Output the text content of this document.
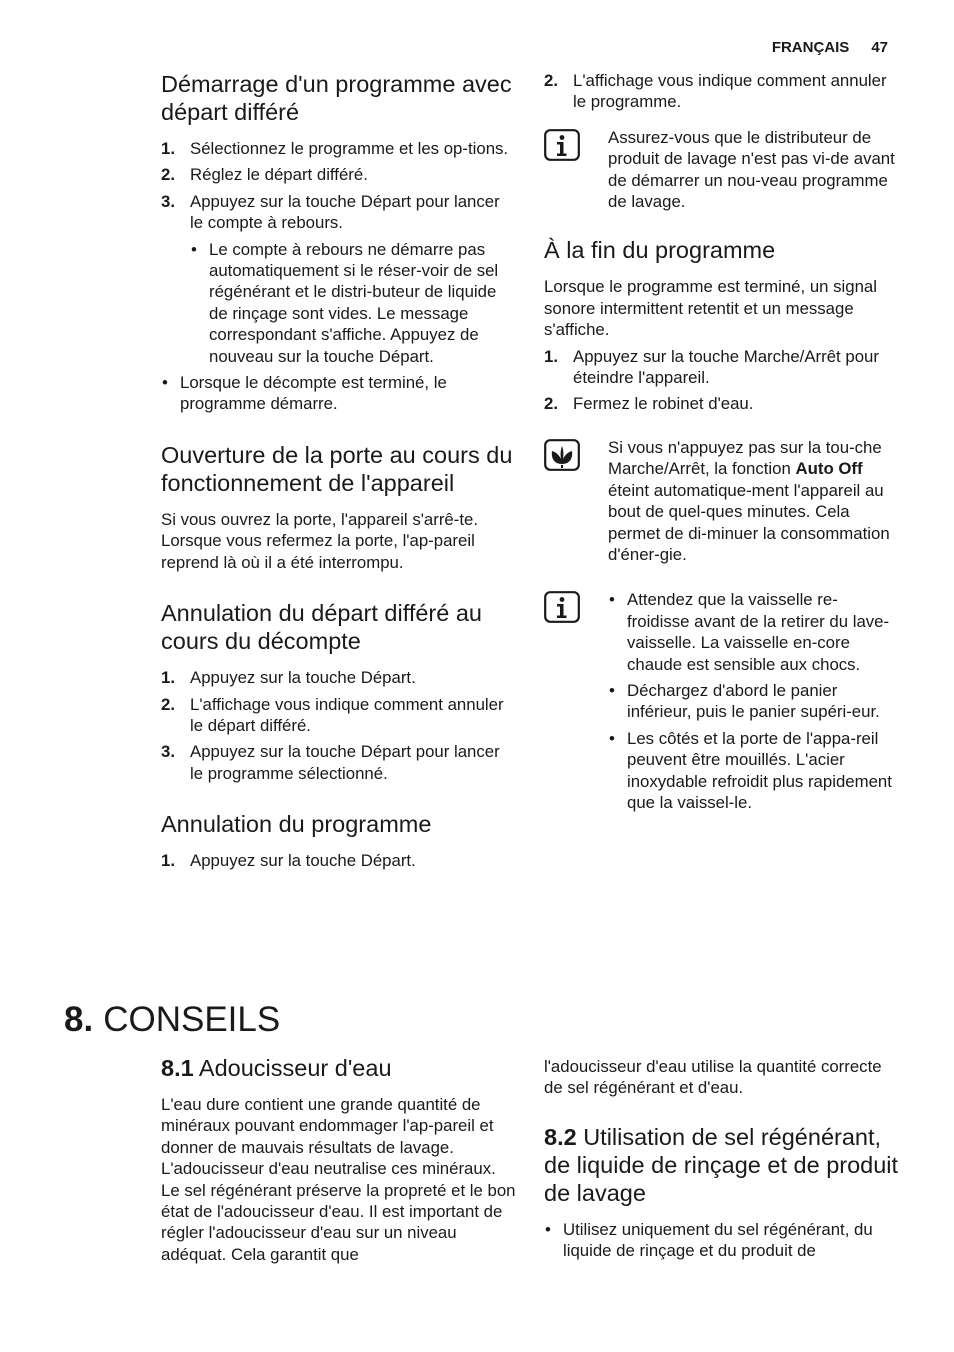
FRANÇAIS 47
Démarrage d'un programme avec départ différé
1. Sélectionnez le programme et les op-tions.
2. Réglez le départ différé.
3. Appuyez sur la touche Départ pour lancer le compte à rebours.
• Le compte à rebours ne démarre pas automatiquement si le réser-voir de sel régénérant et le distri-buteur de liquide de rinçage sont vides. Le message correspondant s'affiche. Appuyez de nouveau sur la touche Départ.
• Lorsque le décompte est terminé, le programme démarre.
Ouverture de la porte au cours du fonctionnement de l'appareil

Si vous ouvrez la porte, l'appareil s'arrê-te. Lorsque vous refermez la porte, l'ap-pareil reprend là où il a été interrompu.

Annulation du départ différé au cours du décompte
1. Appuyez sur la touche Départ.
2. L'affichage vous indique comment annuler le départ différé.
3. Appuyez sur la touche Départ pour lancer le programme sélectionné.
Annulation du programme
1. Appuyez sur la touche Départ.
2. L'affichage vous indique comment annuler le programme.

Assurez-vous que le distributeur de produit de lavage n'est pas vi-de avant de démarrer un nou-veau programme de lavage.

À la fin du programme

Lorsque le programme est terminé, un signal sonore intermittent retentit et un message s'affiche.

1. Appuyez sur la touche Marche/Arrêt pour éteindre l'appareil.
2. Fermez le robinet d'eau.

Si vous n'appuyez pas sur la tou-che Marche/Arrêt, la fonction Auto Off éteint automatique-ment l'appareil au bout de quel-ques minutes. Cela permet de di-minuer la consommation d'éner-gie.

• Attendez que la vaisselle re-froidisse avant de la retirer du lave-vaisselle. La vaisselle en-core chaude est sensible aux chocs.
• Déchargez d'abord le panier inférieur, puis le panier supéri-eur.
• Les côtés et la porte de l'appa-reil peuvent être mouillés. L'acier inoxydable refroidit plus rapidement que la vaissel-le.
8. CONSEILS
8.1 Adoucisseur d'eau

L'eau dure contient une grande quantité de minéraux pouvant endommager l'ap-pareil et donner de mauvais résultats de lavage. L'adoucisseur d'eau neutralise ces minéraux.

Le sel régénérant préserve la propreté et le bon état de l'adoucisseur d'eau. Il est important de régler l'adoucisseur d'eau sur un niveau adéquat. Cela garantit que

l'adoucisseur d'eau utilise la quantité correcte de sel régénérant et d'eau.

8.2 Utilisation de sel régénérant, de liquide de rinçage et de produit de lavage
• Utilisez uniquement du sel régénérant, du liquide de rinçage et du produit de
